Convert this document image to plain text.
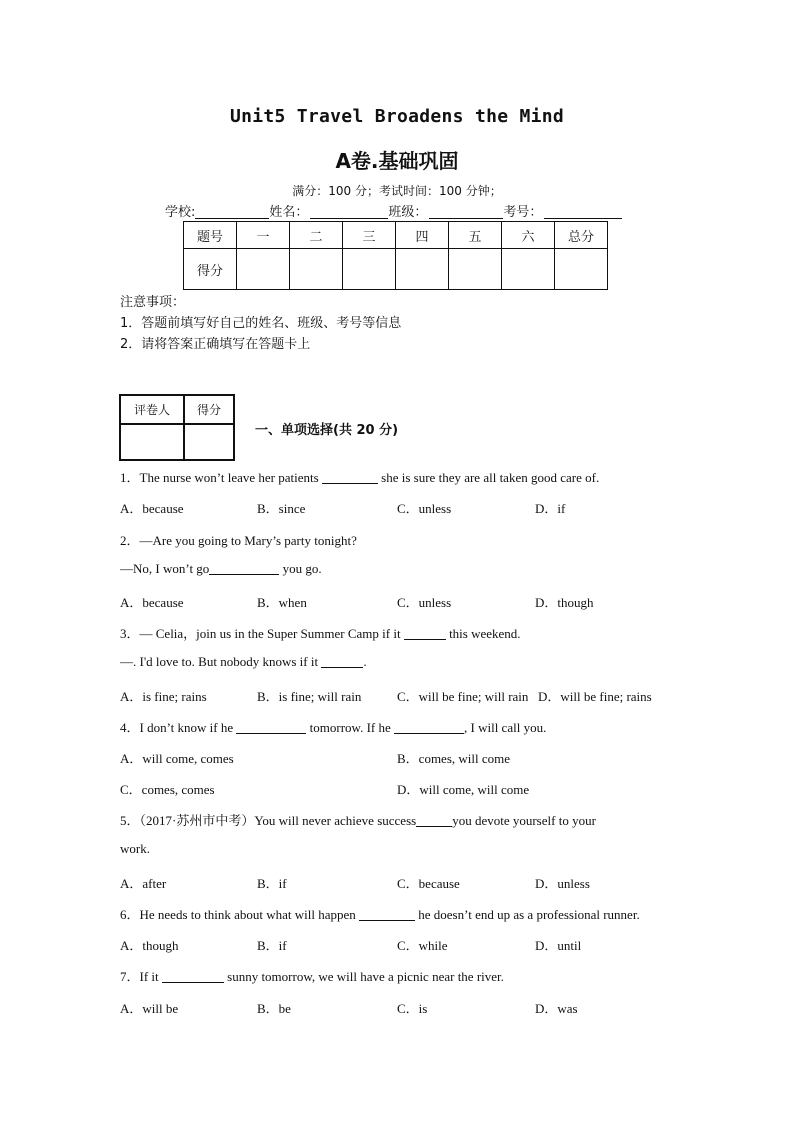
Unit5 Travel Broadens the Mind
A卷.基础巩固
满分：100 分；考试时间：100 分钟；
学校:	姓名：	班级：	考号：
题号	一	二	三	四	五	六	总分
得分							
注意事项：
1．答题前填写好自己的姓名、班级、考号等信息
2．请将答案正确填写在答题卡上
评卷人	得分

一、单项选择(共 20 分)
1．The nurse won’t leave her patients	she is sure they are all taken good care of.
A．because	B．since	C．unless	D．if
2．—Are you going to Mary’s party tonight?
—No, I won’t go	you go.
A．because	B．when	C．unless	D．though
3．— Celia，join us in the Super Summer Camp if it	this weekend.
—. I'd love to. But nobody knows if it	.
A．is fine; rains	B．is fine; will rain	C．will be fine; will rain D．will be fine; rains
4．I don’t know if he	tomorrow. If he	, I will call you.
A．will come, comes	B．comes, will come
C．comes, comes	D．will come, will come
5．（2017·苏州市中考）You will never achieve success	you devote yourself to your
work.
A．after	B．if	C．because	D．unless
6．He needs to think about what will happen	he doesn’t end up as a professional runner.
A．though	B．if	C．while	D．until
7．If it	sunny tomorrow, we will have a picnic near the river.
A．will be	B．be	C．is	D．was
